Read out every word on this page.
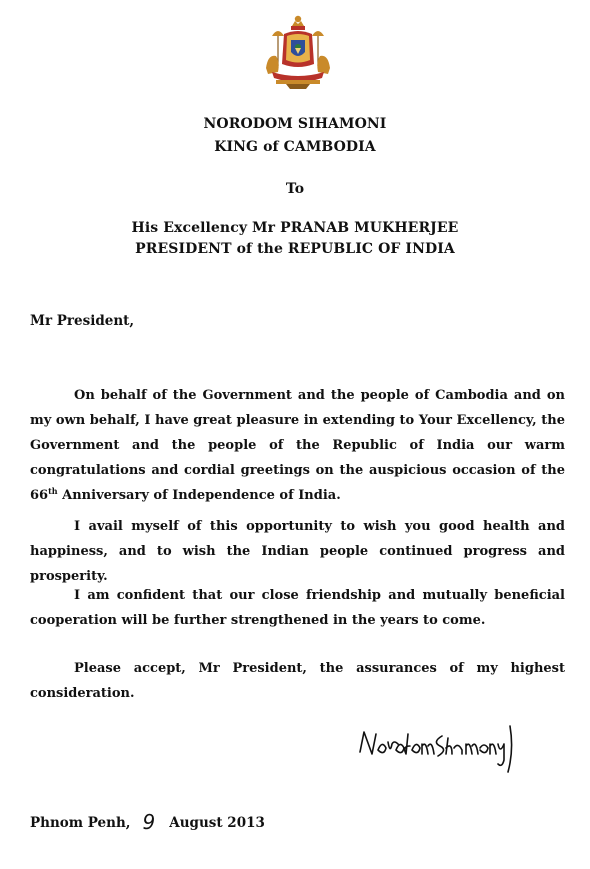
NORODOM SIHAMONI
KING of CAMBODIA
To
His Excellency Mr PRANAB MUKHERJEE
PRESIDENT of the REPUBLIC OF INDIA
Mr President,
On behalf of the Government and the people of Cambodia and on my own behalf, I have great pleasure in extending to Your Excellency, the Government and the people of the Republic of India our warm congratulations and cordial greetings on the auspicious occasion of the 66th Anniversary of Independence of India.
I avail myself of this opportunity to wish you good health and happiness, and to wish the Indian people continued progress and prosperity.
I am confident that our close friendship and mutually beneficial cooperation will be further strengthened in the years to come.
Please accept, Mr President, the assurances of my highest consideration.
Phnom Penh, 9 August 2013
